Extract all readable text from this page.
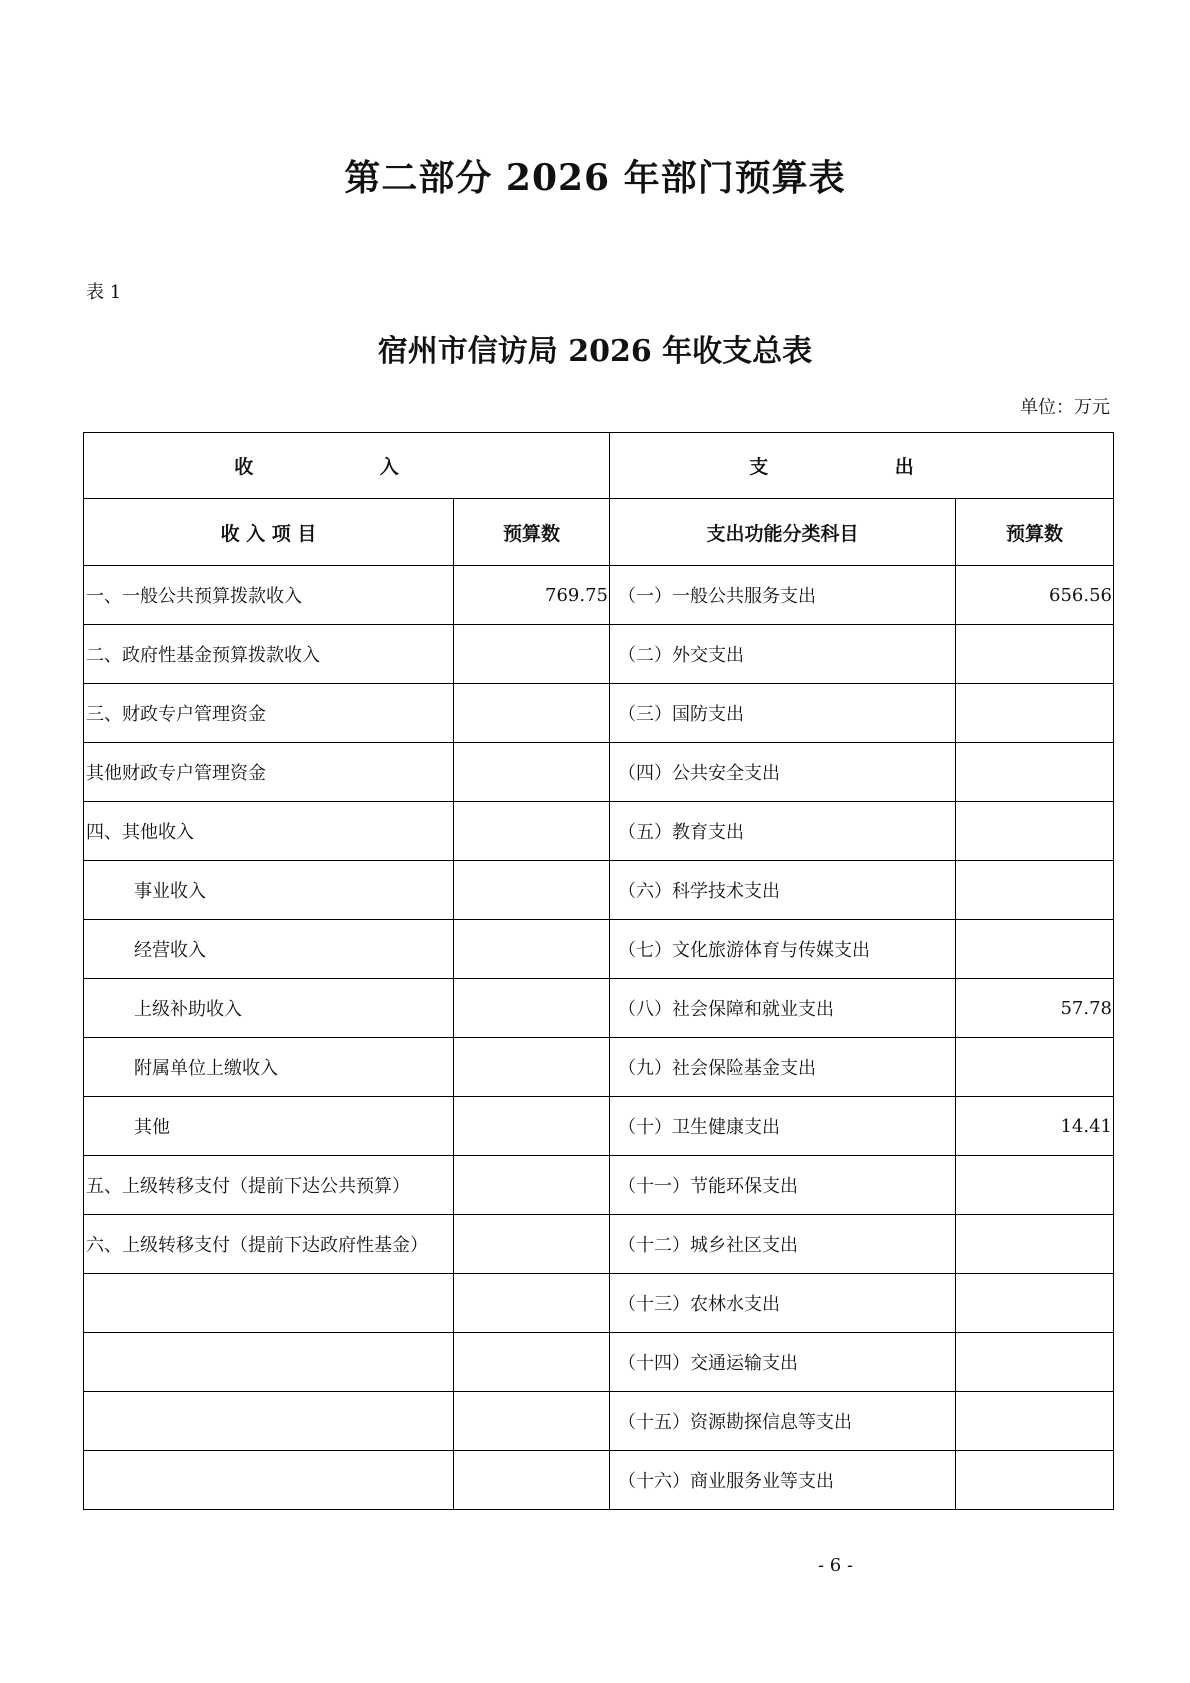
第二部分 2026 年部门预算表
表 1
宿州市信访局 2026 年收支总表
单位：万元
收 入		支 出	
收 入 项 目	预算数	支出功能分类科目	预算数
一、一般公共预算拨款收入	769.75	（一）一般公共服务支出	656.56
二、政府性基金预算拨款收入		（二）外交支出	
三、财政专户管理资金		（三）国防支出	
其他财政专户管理资金		（四）公共安全支出	
四、其他收入		（五）教育支出	
事业收入		（六）科学技术支出	
经营收入		（七）文化旅游体育与传媒支出	
上级补助收入		（八）社会保障和就业支出	57.78
附属单位上缴收入		（九）社会保险基金支出	
其他		（十）卫生健康支出	14.41
五、上级转移支付（提前下达公共预算）		（十一）节能环保支出	
六、上级转移支付（提前下达政府性基金）		（十二）城乡社区支出	
		（十三）农林水支出	
		（十四）交通运输支出	
		（十五）资源勘探信息等支出	
		（十六）商业服务业等支出	
- 6 -
